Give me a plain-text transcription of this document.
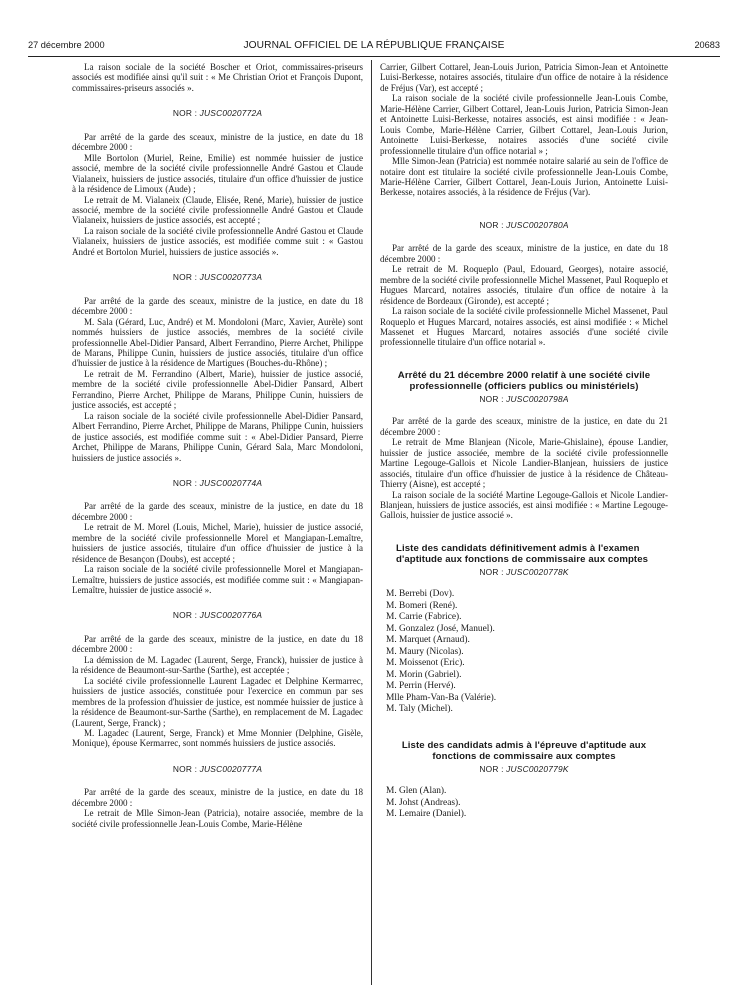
27 décembre 2000	JOURNAL OFFICIEL DE LA RÉPUBLIQUE FRANÇAISE	20683

La raison sociale de la société Boscher et Oriot, commissaires-priseurs associés est modifiée ainsi qu'il suit : « Me Christian Oriot et François Dupont, commissaires-priseurs associés ».

NOR : JUSC0020772A

Par arrêté de la garde des sceaux, ministre de la justice, en date du 18 décembre 2000 :

Mlle Bortolon (Muriel, Reine, Emilie) est nommée huissier de justice associé, membre de la société civile professionnelle André Gastou et Claude Vialaneix, huissiers de justice associés, titulaire d'un office d'huissier de justice à la résidence de Limoux (Aude) ;

Le retrait de M. Vialaneix (Claude, Elisée, René, Marie), huissier de justice associé, membre de la société civile professionnelle André Gastou et Claude Vialaneix, huissiers de justice associés, est accepté ;

La raison sociale de la société civile professionnelle André Gastou et Claude Vialaneix, huissiers de justice associés, est modifiée comme suit : « Gastou André et Bortolon Muriel, huissiers de justice associés ».

NOR : JUSC0020773A

Par arrêté de la garde des sceaux, ministre de la justice, en date du 18 décembre 2000 :

M. Sala (Gérard, Luc, André) et M. Mondoloni (Marc, Xavier, Aurèle) sont nommés huissiers de justice associés, membres de la société civile professionnelle Abel-Didier Pansard, Albert Ferrandino, Pierre Archet, Philippe de Marans, Philippe Cunin, huissiers de justice associés, titulaire d'un office d'huissier de justice à la résidence de Martigues (Bouches-du-Rhône) ;

Le retrait de M. Ferrandino (Albert, Marie), huissier de justice associé, membre de la société civile professionnelle Abel-Didier Pansard, Albert Ferrandino, Pierre Archet, Philippe de Marans, Philippe Cunin, huissiers de justice associés, est accepté ;

La raison sociale de la société civile professionnelle Abel-Didier Pansard, Albert Ferrandino, Pierre Archet, Philippe de Marans, Philippe Cunin, huissiers de justice associés, est modifiée comme suit : « Abel-Didier Pansard, Pierre Archet, Philippe de Marans, Philippe Cunin, Gérard Sala, Marc Mondoloni, huissiers de justice associés ».

NOR : JUSC0020774A

Par arrêté de la garde des sceaux, ministre de la justice, en date du 18 décembre 2000 :

Le retrait de M. Morel (Louis, Michel, Marie), huissier de justice associé, membre de la société civile professionnelle Morel et Mangiapan-Lemaître, huissiers de justice associés, titulaire d'un office d'huissier de justice à la résidence de Besançon (Doubs), est accepté ;

La raison sociale de la société civile professionnelle Morel et Mangiapan-Lemaître, huissiers de justice associés, est modifiée comme suit : « Mangiapan-Lemaître, huissier de justice associé ».

NOR : JUSC0020776A

Par arrêté de la garde des sceaux, ministre de la justice, en date du 18 décembre 2000 :

La démission de M. Lagadec (Laurent, Serge, Franck), huissier de justice à la résidence de Beaumont-sur-Sarthe (Sarthe), est acceptée ;

La société civile professionnelle Laurent Lagadec et Delphine Kermarrec, huissiers de justice associés, constituée pour l'exercice en commun par ses membres de la profession d'huissier de justice, est nommée huissier de justice à la résidence de Beaumont-sur-Sarthe (Sarthe), en remplacement de M. Lagadec (Laurent, Serge, Franck) ;

M. Lagadec (Laurent, Serge, Franck) et Mme Monnier (Delphine, Gisèle, Monique), épouse Kermarrec, sont nommés huissiers de justice associés.

NOR : JUSC0020777A

Par arrêté de la garde des sceaux, ministre de la justice, en date du 18 décembre 2000 :

Le retrait de Mlle Simon-Jean (Patricia), notaire associée, membre de la société civile professionnelle Jean-Louis Combe, Marie-Hélène

Carrier, Gilbert Cottarel, Jean-Louis Jurion, Patricia Simon-Jean et Antoinette Luisi-Berkesse, notaires associés, titulaire d'un office de notaire à la résidence de Fréjus (Var), est accepté ;

La raison sociale de la société civile professionnelle Jean-Louis Combe, Marie-Hélène Carrier, Gilbert Cottarel, Jean-Louis Jurion, Patricia Simon-Jean et Antoinette Luisi-Berkesse, notaires associés, est ainsi modifiée : « Jean-Louis Combe, Marie-Hélène Carrier, Gilbert Cottarel, Jean-Louis Jurion, Antoinette Luisi-Berkesse, notaires associés d'une société civile professionnelle titulaire d'un office notarial » ;

Mlle Simon-Jean (Patricia) est nommée notaire salarié au sein de l'office de notaire dont est titulaire la société civile professionnelle Jean-Louis Combe, Marie-Hélène Carrier, Gilbert Cottarel, Jean-Louis Jurion, Antoinette Luisi-Berkesse, notaires associés, à la résidence de Fréjus (Var).

NOR : JUSC0020780A

Par arrêté de la garde des sceaux, ministre de la justice, en date du 18 décembre 2000 :

Le retrait de M. Roqueplo (Paul, Edouard, Georges), notaire associé, membre de la société civile professionnelle Michel Massenet, Paul Roqueplo et Hugues Marcard, notaires associés, titulaire d'un office de notaire à la résidence de Bordeaux (Gironde), est accepté ;

La raison sociale de la société civile professionnelle Michel Massenet, Paul Roqueplo et Hugues Marcard, notaires associés, est ainsi modifiée : « Michel Massenet et Hugues Marcard, notaires associés d'une société civile professionnelle titulaire d'un office notarial ».

Arrêté du 21 décembre 2000 relatif à une société civile professionnelle (officiers publics ou ministériels)
NOR : JUSC0020798A

Par arrêté de la garde des sceaux, ministre de la justice, en date du 21 décembre 2000 :

Le retrait de Mme Blanjean (Nicole, Marie-Ghislaine), épouse Landier, huissier de justice associée, membre de la société civile professionnelle Martine Legouge-Gallois et Nicole Landier-Blanjean, huissiers de justice associés, titulaire d'un office d'huissier de justice à la résidence de Château-Thierry (Aisne), est accepté ;

La raison sociale de la société Martine Legouge-Gallois et Nicole Landier-Blanjean, huissiers de justice associés, est ainsi modifiée : « Martine Legouge-Gallois, huissier de justice associé ».

Liste des candidats définitivement admis à l'examen d'aptitude aux fonctions de commissaire aux comptes
NOR : JUSC0020778K
M. Berrebi (Dov).
M. Bomeri (René).
M. Carrie (Fabrice).
M. Gonzalez (José, Manuel).
M. Marquet (Arnaud).
M. Maury (Nicolas).
M. Moissenot (Eric).
M. Morin (Gabriel).
M. Perrin (Hervé).
Mlle Pham-Van-Ba (Valérie).
M. Taly (Michel).
Liste des candidats admis à l'épreuve d'aptitude aux fonctions de commissaire aux comptes
NOR : JUSC0020779K
M. Glen (Alan).
M. Johst (Andreas).
M. Lemaire (Daniel).
